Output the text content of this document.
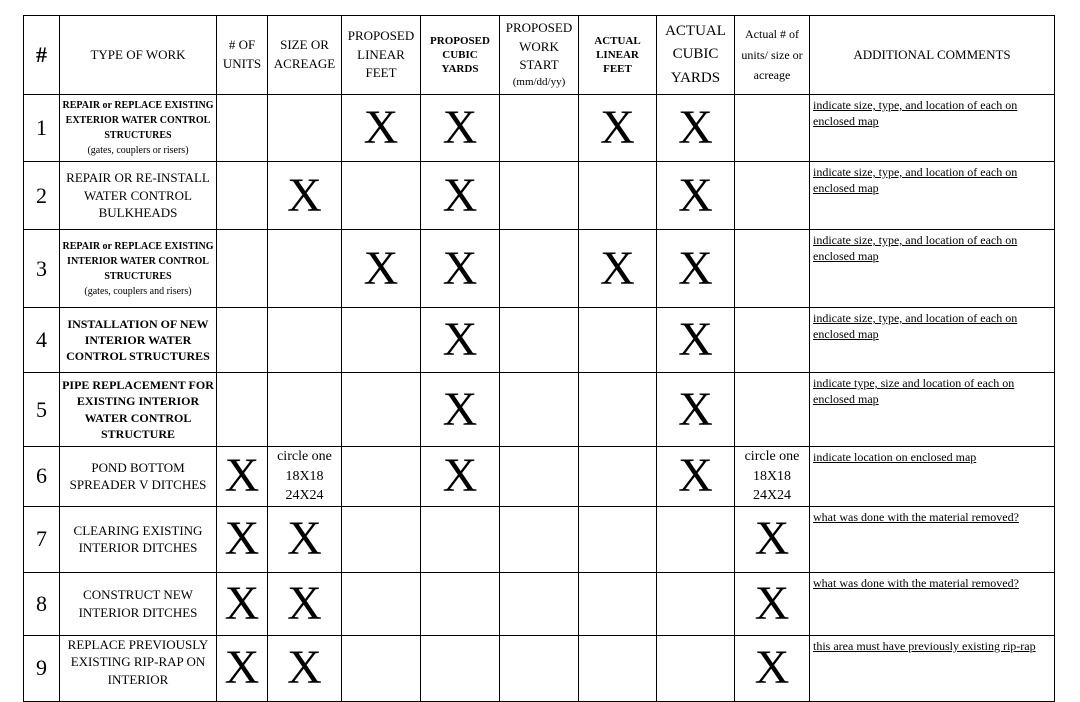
#	TYPE OF WORK	# OF
UNITS	SIZE OR
ACREAGE	PROPOSED
LINEAR
FEET	PROPOSED
CUBIC
YARDS	PROPOSED
WORK
START
(mm/dd/yy)	ACTUAL
LINEAR
FEET	ACTUAL
CUBIC
YARDS	Actual # of
units/ size or
acreage	ADDITIONAL COMMENTS
1	REPAIR or REPLACE EXISTING
EXTERIOR WATER CONTROL
STRUCTURES
(gates, couplers or risers)			X	X		X	X		indicate size, type, and location of each on enclosed map
2	REPAIR OR RE-INSTALL
WATER CONTROL
BULKHEADS		X		X			X		indicate size, type, and location of each on enclosed map
3	REPAIR or REPLACE EXISTING
INTERIOR WATER CONTROL
STRUCTURES
(gates, couplers and risers)			X	X		X	X		indicate size, type, and location of each on enclosed map
4	INSTALLATION OF NEW
INTERIOR WATER
CONTROL STRUCTURES				X			X		indicate size, type, and location of each on enclosed map
5	PIPE REPLACEMENT FOR
EXISTING INTERIOR
WATER CONTROL
STRUCTURE				X			X		indicate type, size and location of each on enclosed map
6	POND BOTTOM
SPREADER V DITCHES	X	circle one
18X18
24X24		X			X	circle one
18X18
24X24	indicate location on enclosed map
7	CLEARING EXISTING
INTERIOR DITCHES	X	X						X	what was done with the material removed?
8	CONSTRUCT NEW
INTERIOR DITCHES	X	X						X	what was done with the material removed?
9	REPLACE PREVIOUSLY
EXISTING RIP-RAP ON
INTERIOR	X	X						X	this area must have previously existing rip-rap
